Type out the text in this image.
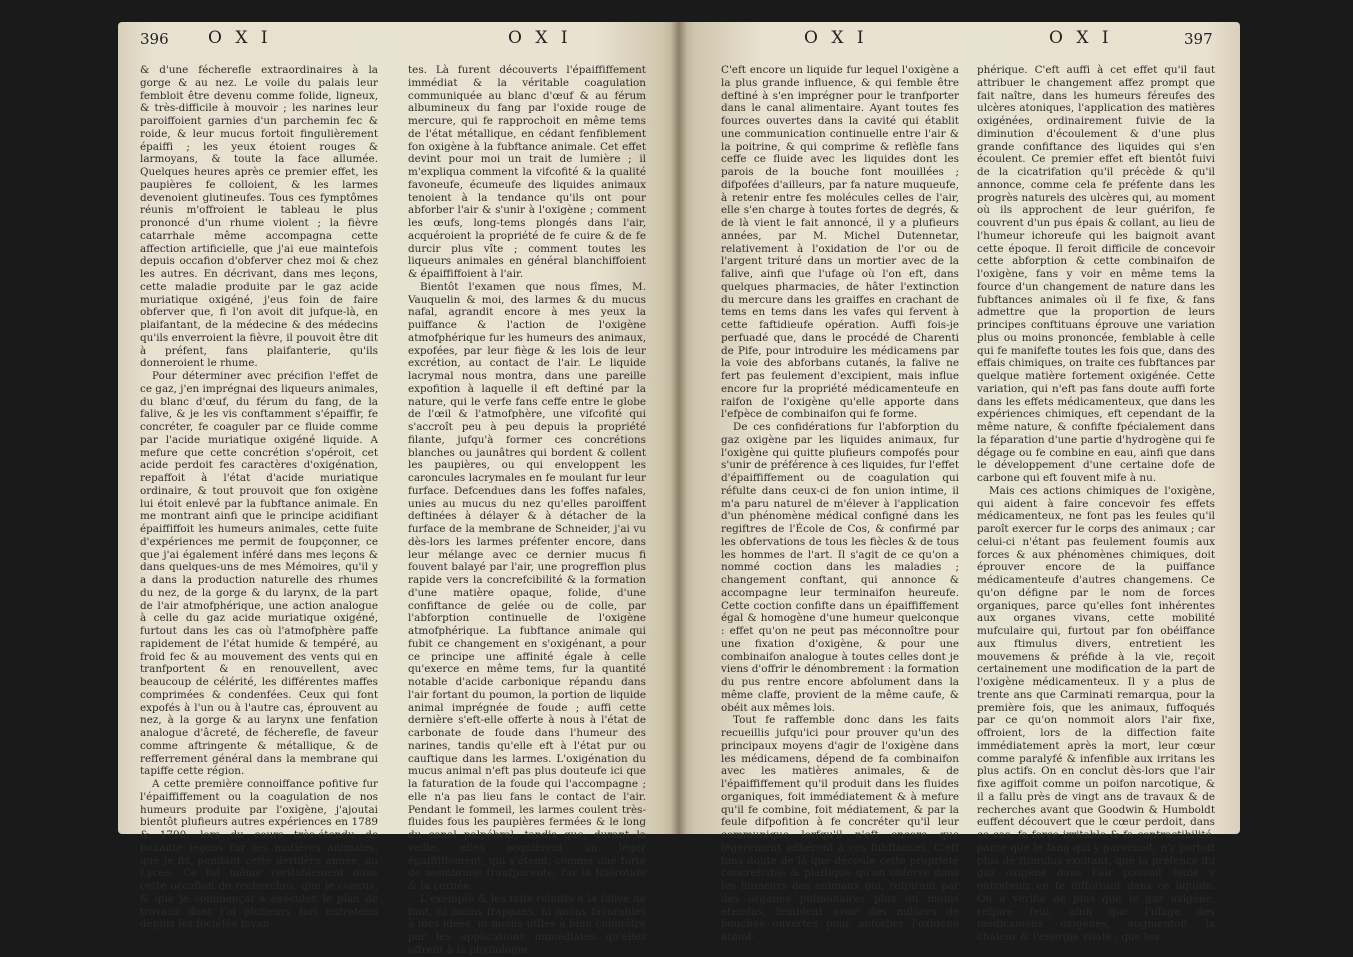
396 O X I	O X I

& d'une fécherefle extraordinaires à la gorge & au nez. Le voile du palais leur fembloit être devenu comme folide, ligneux, & très-difficile à mouvoir ; les narines leur paroiffoient garnies d'un parchemin fec & roide, & leur mucus fortoit fingulièrement épaiffi ; les yeux étoient rouges & larmoyans, & toute la face allumée. Quelques heures après ce premier effet, les paupières fe colloient, & les larmes devenoient glutineufes. Tous ces fymptômes réunis m'offroient le tableau le plus prononcé d'un rhume violent ; la fièvre catarrhale même accompagna cette affection artificielle, que j'ai eue maintefois depuis occafion d'obferver chez moi & chez les autres. En décrivant, dans mes leçons, cette maladie produite par le gaz acide muriatique oxigéné, j'eus foin de faire obferver que, fi l'on avoit dit jufque-là, en plaifantant, de la médecine & des médecins qu'ils enverroient la fièvre, il pouvoit être dit à préfent, fans plaifanterie, qu'ils donneroient le rhume.

Pour déterminer avec précifion l'effet de ce gaz, j'en imprégnai des liqueurs animales, du blanc d'œuf, du férum du fang, de la falive, & je les vis conftamment s'épaiffir, fe concréter, fe coaguler par ce fluide comme par l'acide muriatique oxigéné liquide. A mefure que cette concrétion s'opéroit, cet acide perdoit fes caractères d'oxigénation, repaffoit à l'état d'acide muriatique ordinaire, & tout prouvoit que fon oxigène lui étoit enlevé par la fubftance animale. En me montrant ainfi que le principe acidifiant épaiffiffoit les humeurs animales, cette fuite d'expériences me permit de foupçonner, ce que j'ai également inféré dans mes leçons & dans quelques-uns de mes Mémoires, qu'il y a dans la production naturelle des rhumes du nez, de la gorge & du larynx, de la part de l'air atmofphérique, une action analogue à celle du gaz acide muriatique oxigéné, furtout dans les cas où l'atmofphère paffe rapidement de l'état humide & tempéré, au froid fec & au mouvement des vents qui en tranfportent & en renouvellent, avec beaucoup de célérité, les différentes maffes comprimées & condenfées. Ceux qui font expofés à l'un ou à l'autre cas, éprouvent au nez, à la gorge & au larynx une fenfation analogue d'âcreté, de fécherefle, de faveur comme aftringente & métallique, & de refferrement général dans la membrane qui tapiffe cette région.

A cette première connoiffance pofitive fur l'épaiffiffement ou la coagulation de nos humeurs produite par l'oxigène, j'ajoutai bientôt plufieurs autres expériences en 1789 & 1790, lors du cours très-étendu de foixante leçons fur les matières animales, que je fis, pendant cette dernière année, au Lycée. Ce fut même véritablement dans cette occafion de recherches, que je conçus, & que je commençai à exécuter le plan de travaux dont j'ai plufieurs fois entretenu depuis les fociétés favan-

tes. Là furent découverts l'épaiffiffement immédiat & la véritable coagulation communiquée au blanc d'œuf & au férum albumineux du fang par l'oxide rouge de mercure, qui fe rapprochoit en même tems de l'état métallique, en cédant fenfiblement fon oxigène à la fubftance animale. Cet effet devint pour moi un trait de lumière ; il m'expliqua comment la vifcofité & la qualité favoneufe, écumeufe des liquides animaux tenoient à la tendance qu'ils ont pour abforber l'air & s'unir à l'oxigène ; comment les œufs, long-tems plongés dans l'air, acquéroient la propriété de fe cuire & de fe durcir plus vîte ; comment toutes les liqueurs animales en général blanchiffoient & épaiffiffoient à l'air.

Bientôt l'examen que nous fîmes, M. Vauquelin & moi, des larmes & du mucus nafal, agrandit encore à mes yeux la puiffance & l'action de l'oxigène atmofphérique fur les humeurs des animaux, expofées, par leur fiège & les lois de leur excrétion, au contact de l'air. Le liquide lacrymal nous montra, dans une pareille expofition à laquelle il eft deftiné par la nature, qui le verfe fans ceffe entre le globe de l'œil & l'atmofphère, une vifcofité qui s'accroît peu à peu depuis la propriété filante, jufqu'à former ces concrétions blanches ou jaunâtres qui bordent & collent les paupières, ou qui enveloppent les caroncules lacrymales en fe moulant fur leur furface. Defcendues dans les foffes nafales, unies au mucus du nez qu'elles paroiffent deftinées à délayer & à détacher de la furface de la membrane de Schneider, j'ai vu dès-lors les larmes préfenter encore, dans leur mélange avec ce dernier mucus fi fouvent balayé par l'air, une progreffion plus rapide vers la concrefcibilité & la formation d'une matière opaque, folide, d'une confiftance de gelée ou de colle, par l'abforption continuelle de l'oxigène atmofphérique. La fubftance animale qui fubit ce changement en s'oxigénant, a pour ce principe une affinité égale à celle qu'exerce en même tems, fur la quantité notable d'acide carbonique répandu dans l'air fortant du poumon, la portion de liquide animal imprégnée de foude ; auffi cette dernière s'eft-elle offerte à nous à l'état de carbonate de foude dans l'humeur des narines, tandis qu'elle eft à l'état pur ou cauftique dans les larmes. L'oxigénation du mucus animal n'eft pas plus douteufe ici que la faturation de la foude qui l'accompagne ; elle n'a pas lieu fans le contact de l'air. Pendant le fommeil, les larmes coulent très-fluides fous les paupières fermées & le long du canal palpébral, tandis que, durant la veille, elles acquièrent un léger épaiffiffement, qui s'étend, comme une forte de membrane tranfparente, fur la fclérotide & la cornée.

L'exemple & les faits relatifs à la falive ne font, ni moins frappans, ni moins favorables à mes idées, ni moins utiles à bien connoître par les applications immédiates qu'elles offrent à la phyfiologie.

O X I	O X I	397

C'eft encore un liquide fur lequel l'oxigène a la plus grande influence, & qui femble être deftiné à s'en imprégner pour le tranfporter dans le canal alimentaire. Ayant toutes fes fources ouvertes dans la cavité qui établit une communication continuelle entre l'air & la poitrine, & qui comprime & reflèfle fans ceffe ce fluide avec les liquides dont les parois de la bouche font mouillées ; difpofées d'ailleurs, par fa nature muqueufe, à retenir entre fes molécules celles de l'air, elle s'en charge à toutes fortes de degrés, & de là vient le fait annoncé, il y a plufieurs années, par M. Michel Dutennetar, relativement à l'oxidation de l'or ou de l'argent trituré dans un mortier avec de la falive, ainfi que l'ufage où l'on eft, dans quelques pharmacies, de hâter l'extinction du mercure dans les graiffes en crachant de tems en tems dans les vafes qui fervent à cette faftidieufe opération. Auffi fois-je perfuadé que, dans le procédé de Charenti de Pife, pour introduire les médicamens par la voie des abforbans cutanés, la falive ne fert pas feulement d'excipient, mais influe encore fur la propriété médicamenteufe en raifon de l'oxigène qu'elle apporte dans l'efpèce de combinaifon qui fe forme.

De ces confidérations fur l'abforption du gaz oxigène par les liquides animaux, fur l'oxigène qui quitte plufieurs compofés pour s'unir de préférence à ces liquides, fur l'effet d'épaiffiffement ou de coagulation qui réfulte dans ceux-ci de fon union intime, il m'a paru naturel de m'élever à l'application d'un phénomène médical configné dans les regiftres de l'École de Cos, & confirmé par les obfervations de tous les fiècles & de tous les hommes de l'art. Il s'agit de ce qu'on a nommé coction dans les maladies ; changement conftant, qui annonce & accompagne leur terminaifon heureufe. Cette coction confifte dans un épaiffiffement égal & homogène d'une humeur quelconque : effet qu'on ne peut pas méconnoître pour une fixation d'oxigène, & pour une combinaifon analogue à toutes celles dont je viens d'offrir le dénombrement : la formation du pus rentre encore abfolument dans la même claffe, provient de la même caufe, & obéit aux mêmes lois.

Tout fe raffemble donc dans les faits recueillis jufqu'ici pour prouver qu'un des principaux moyens d'agir de l'oxigène dans les médicamens, dépend de fa combinaifon avec les matières animales, & de l'épaiffiffement qu'il produit dans les fluides organiques, foit immédiatement & à mefure qu'il fe combine, foit médiatement, & par la feule difpofition à fe concréter qu'il leur communique lorfqu'il n'eft encore que légèrement adhérent à ces fubftances. C'eft fans doute de là que découle cette propriété concrefcible & plaftique qu'on obferve dans les humeurs des animaux qui, refpirant par des organes pulmonaires plus ou moins étendus, femblent avoir des milliers de bouches ouvertes pour abforber l'oxigène atmof-

phérique. C'eft auffi à cet effet qu'il faut attribuer le changement affez prompt que fait naître, dans les humeurs féreufes des ulcères atoniques, l'application des matières oxigénées, ordinairement fuivie de la diminution d'écoulement & d'une plus grande confiftance des liquides qui s'en écoulent. Ce premier effet eft bientôt fuivi de la cicatrifation qu'il précède & qu'il annonce, comme cela fe préfente dans les progrès naturels des ulcères qui, au moment où ils approchent de leur guérifon, fe couvrent d'un pus épais & collant, au lieu de l'humeur ichoreufe qui les baignoit avant cette époque. Il feroit difficile de concevoir cette abforption & cette combinaifon de l'oxigène, fans y voir en même tems la fource d'un changement de nature dans les fubftances animales où il fe fixe, & fans admettre que la proportion de leurs principes conftituans éprouve une variation plus ou moins prononcée, femblable à celle qui fe manifefte toutes les fois que, dans des effais chimiques, on traite ces fubftances par quelque matière fortement oxigénée. Cette variation, qui n'eft pas fans doute auffi forte dans les effets médicamenteux, que dans les expériences chimiques, eft cependant de la même nature, & confifte fpécialement dans la féparation d'une partie d'hydrogène qui fe dégage ou fe combine en eau, ainfi que dans le développement d'une certaine dofe de carbone qui eft fouvent mife à nu.

Mais ces actions chimiques de l'oxigène, qui aident à faire concevoir fes effets médicamenteux, ne font pas les feules qu'il paroît exercer fur le corps des animaux ; car celui-ci n'étant pas feulement foumis aux forces & aux phénomènes chimiques, doit éprouver encore de la puiffance médicamenteufe d'autres changemens. Ce qu'on défigne par le nom de forces organiques, parce qu'elles font inhérentes aux organes vivans, cette mobilité mufculaire qui, furtout par fon obéiffance aux ftimulus divers, entretient les mouvemens & préfide à la vie, reçoit certainement une modification de la part de l'oxigène médicamenteux. Il y a plus de trente ans que Carminati remarqua, pour la première fois, que les animaux, fuffoqués par ce qu'on nommoit alors l'air fixe, offroient, lors de la diffection faite immédiatement après la mort, leur cœur comme paralyfé & infenfible aux irritans les plus actifs. On en conclut dès-lors que l'air fixe agiffoit comme un poifon narcotique, & il a fallu près de vingt ans de travaux & de recherches avant que Goodwin & Humboldt euffent découvert que le cœur perdoit, dans ce cas, fa force irritable & fa contractibilité, parce que le fang qui y parvenoit, n'y portoit plus de ftimulus excitant, que la préfence du gaz oxigène dans l'air pouvoit feule y entretenir en fe diffolvant dans ce liquide. On a vérifié de plus que le gaz oxigène, refpiré feul, ainfi que l'ufage des médicamens oxigénés, augmentoit la chaleur & l'énergie vitale ; que les
